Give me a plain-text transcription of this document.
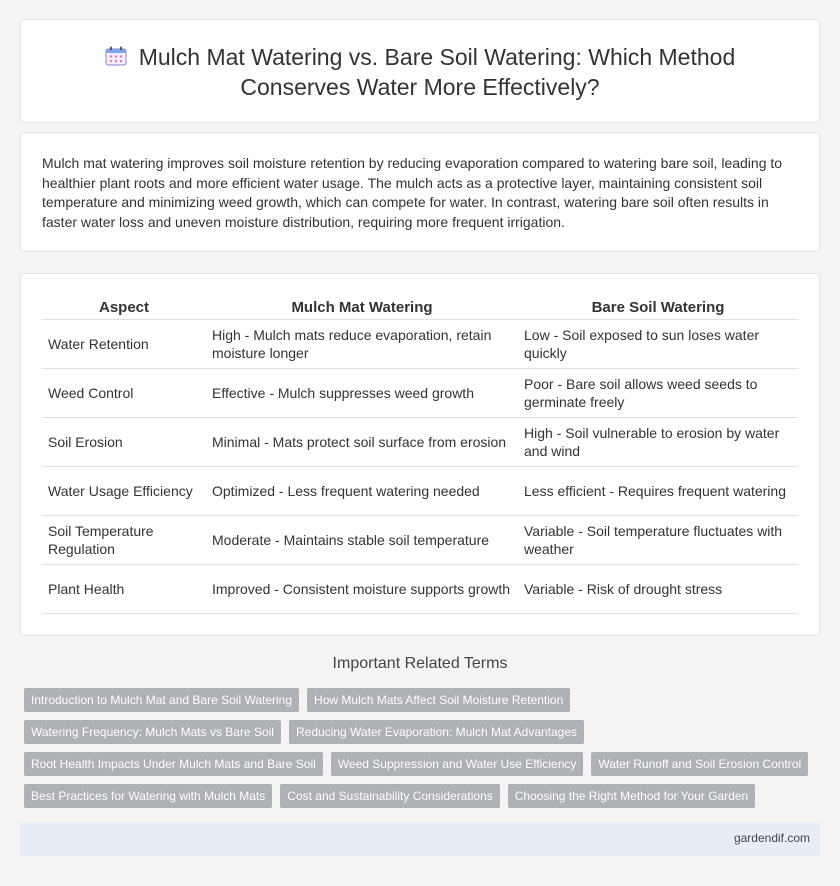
Mulch Mat Watering vs. Bare Soil Watering: Which Method
Conserves Water More Effectively?
Mulch mat watering improves soil moisture retention by reducing evaporation compared to watering bare soil, leading to healthier plant roots and more efficient water usage. The mulch acts as a protective layer, maintaining consistent soil temperature and minimizing weed growth, which can compete for water. In contrast, watering bare soil often results in faster water loss and uneven moisture distribution, requiring more frequent irrigation.
Aspect	Mulch Mat Watering	Bare Soil Watering
Water Retention	High - Mulch mats reduce evaporation, retain moisture longer	Low - Soil exposed to sun loses water quickly
Weed Control	Effective - Mulch suppresses weed growth	Poor - Bare soil allows weed seeds to germinate freely
Soil Erosion	Minimal - Mats protect soil surface from erosion	High - Soil vulnerable to erosion by water and wind
Water Usage Efficiency	Optimized - Less frequent watering needed	Less efficient - Requires frequent watering
Soil Temperature Regulation	Moderate - Maintains stable soil temperature	Variable - Soil temperature fluctuates with weather
Plant Health	Improved - Consistent moisture supports growth	Variable - Risk of drought stress
Important Related Terms
Introduction to Mulch Mat and Bare Soil Watering	How Mulch Mats Affect Soil Moisture Retention
Watering Frequency: Mulch Mats vs Bare Soil	Reducing Water Evaporation: Mulch Mat Advantages
Root Health Impacts Under Mulch Mats and Bare Soil	Weed Suppression and Water Use Efficiency	Water Runoff and Soil Erosion Control
Best Practices for Watering with Mulch Mats	Cost and Sustainability Considerations	Choosing the Right Method for Your Garden
gardendif.com
